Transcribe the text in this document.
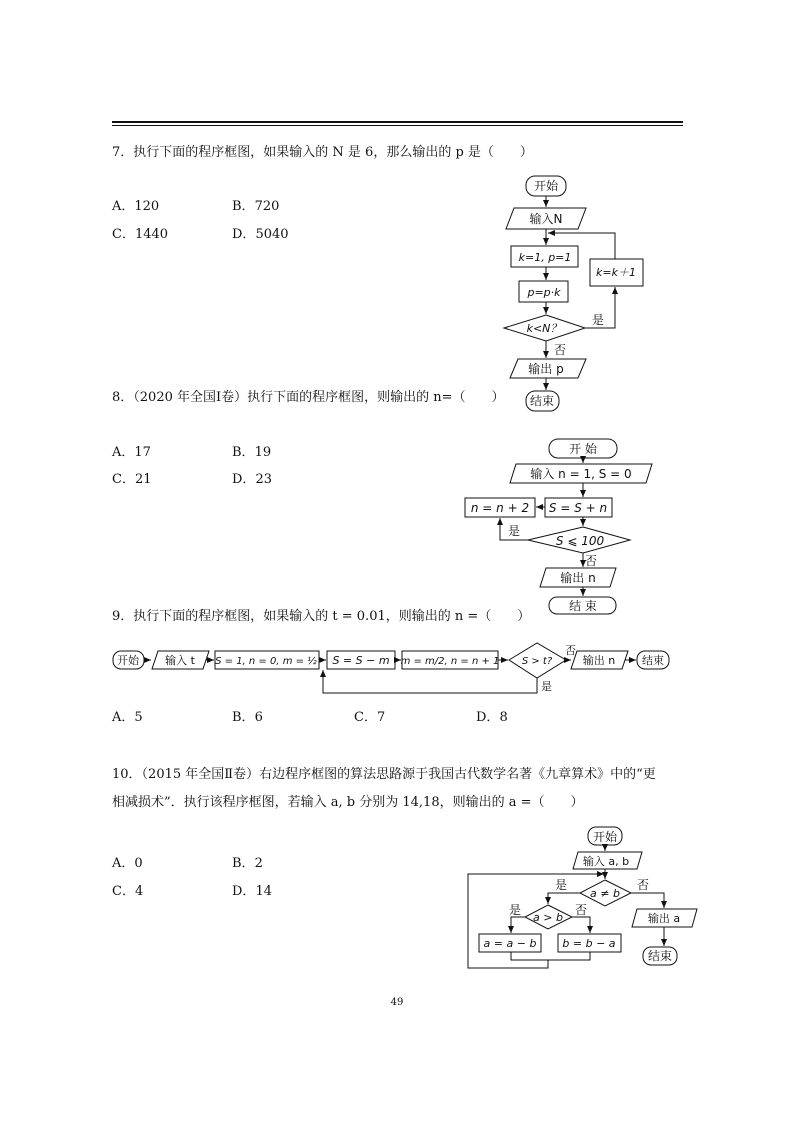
7．执行下面的程序框图，如果输入的 N 是 6，那么输出的 p 是（　　）
A．120	B．720
C．1440	D．5040
8．（2020 年全国Ⅰ卷）执行下面的程序框图，则输出的 n=（　　）
A．17	B．19
C．21	D．23
9．执行下面的程序框图，如果输入的 t = 0.01，则输出的 n =（　　）
A．5	B．6	C．7	D．8
10．（2015 年全国Ⅱ卷）右边程序框图的算法思路源于我国古代数学名著《九章算术》中的“更
相减损术”．执行该程序框图，若输入 a, b 分别为 14,18，则输出的 a =（　　）
A．0	B．2
C．4	D．14
开始
输入N
k=1, p=1
p=p·k
k<N？
是
否
k=k＋1
输出 p
结束
开 始
输入 n = 1, S = 0
S = S + n
n = n + 2
S ⩽ 100
是
否
输出 n
结 束
开始 输入 t S = 1, n = 0, m = ½ S = S − m m = m/2, n = n + 1 S > t?
否
是
输出 n 结束
开始
输入 a, b
a ≠ b
是	否
a > b
是	否
a = a − b b = b − a
输出 a
结束
49
